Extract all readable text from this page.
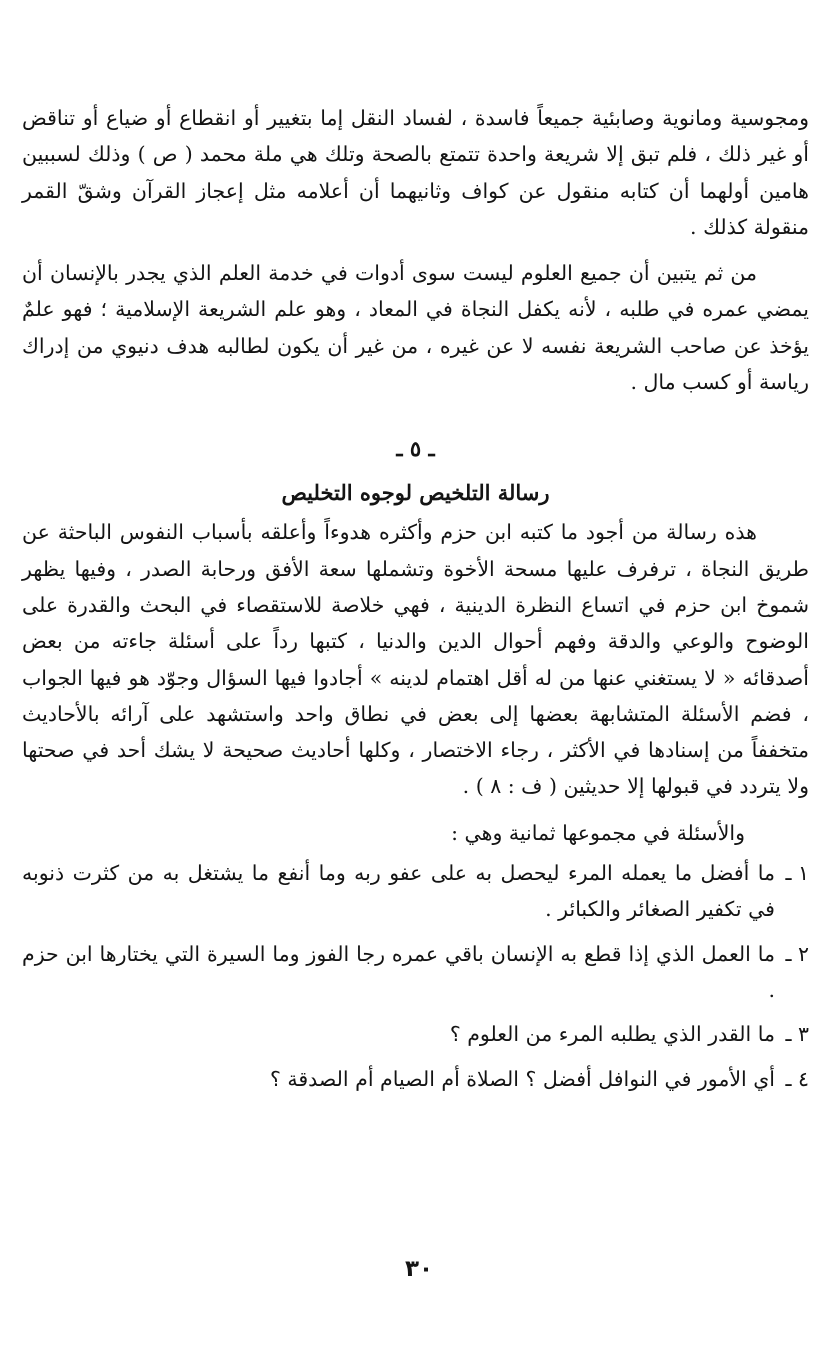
ومجوسية ومانوية وصابئية جميعاً فاسدة ، لفساد النقل إما بتغيير أو انقطاع أو ضياع أو تناقض أو غير ذلك ، فلم تبق إلا شريعة واحدة تتمتع بالصحة وتلك هي ملة محمد ( ص ) وذلك لسببين هامين أولهما أن كتابه منقول عن كواف وثانيهما أن أعلامه مثل إعجاز القرآن وشقّ القمر منقولة كذلك .

من ثم يتبين أن جميع العلوم ليست سوى أدوات في خدمة العلم الذي يجدر بالإنسان أن يمضي عمره في طلبه ، لأنه يكفل النجاة في المعاد ، وهو علم الشريعة الإسلامية ؛ فهو علمٌ يؤخذ عن صاحب الشريعة نفسه لا عن غيره ، من غير أن يكون لطالبه هدف دنيوي من إدراك رياسة أو كسب مال .

ـ ٥ ـ
رسالة التلخيص لوجوه التخليص

هذه رسالة من أجود ما كتبه ابن حزم وأكثره هدوءاً وأعلقه بأسباب النفوس الباحثة عن طريق النجاة ، ترفرف عليها مسحة الأخوة وتشملها سعة الأفق ورحابة الصدر ، وفيها يظهر شموخ ابن حزم في اتساع النظرة الدينية ، فهي خلاصة للاستقصاء في البحث والقدرة على الوضوح والوعي والدقة وفهم أحوال الدين والدنيا ، كتبها رداً على أسئلة جاءته من بعض أصدقائه « لا يستغني عنها من له أقل اهتمام لدينه » أجادوا فيها السؤال وجوّد هو فيها الجواب ، فضم الأسئلة المتشابهة بعضها إلى بعض في نطاق واحد واستشهد على آرائه بالأحاديث متخففاً من إسنادها في الأكثر ، رجاء الاختصار ، وكلها أحاديث صحيحة لا يشك أحد في صحتها ولا يتردد في قبولها إلا حديثين ( ف : ٨ ) .

والأسئلة في مجموعها ثمانية وهي :

١ ـما أفضل ما يعمله المرء ليحصل به على عفو ربه وما أنفع ما يشتغل به من كثرت ذنوبه في تكفير الصغائر والكبائر .

٢ ـما العمل الذي إذا قطع به الإنسان باقي عمره رجا الفوز وما السيرة التي يختارها ابن حزم .

٣ ـما القدر الذي يطلبه المرء من العلوم ؟

٤ ـأي الأمور في النوافل أفضل ؟ الصلاة أم الصيام أم الصدقة ؟

٣٠
